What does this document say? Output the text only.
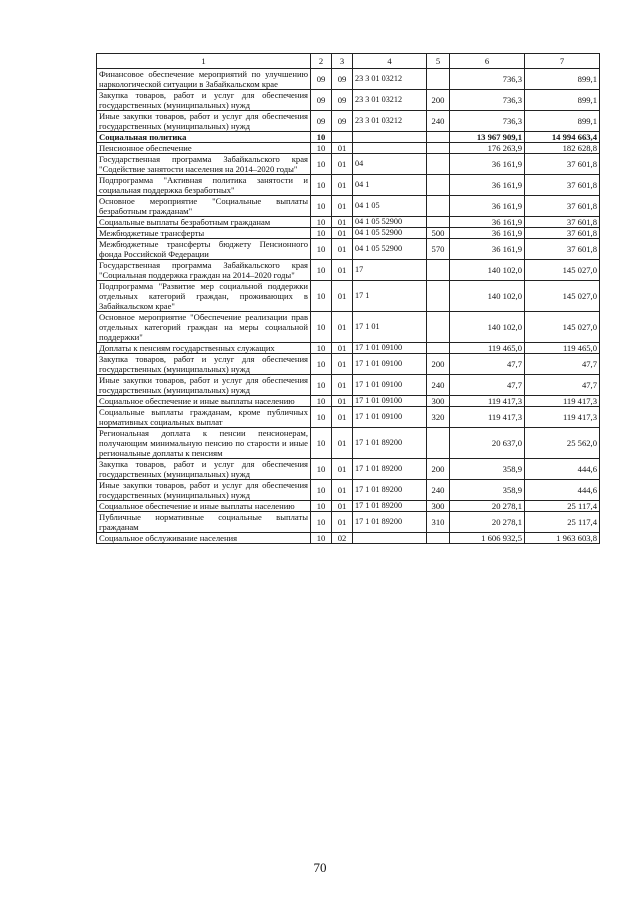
1	2	3	4	5	6	7
Финансовое обеспечение мероприятий по улучшению наркологической ситуации в Забайкальском крае	09	09	23 3 01 03212		736,3	899,1
Закупка товаров, работ и услуг для обеспечения государственных (муниципальных) нужд	09	09	23 3 01 03212	200	736,3	899,1
Иные закупки товаров, работ и услуг для обеспечения государственных (муниципальных) нужд	09	09	23 3 01 03212	240	736,3	899,1
Социальная политика	10				13 967 909,1	14 994 663,4
Пенсионное обеспечение	10	01			176 263,9	182 628,8
Государственная программа Забайкальского края "Содействие занятости населения на 2014–2020 годы"	10	01	04		36 161,9	37 601,8
Подпрограмма "Активная политика занятости и социальная поддержка безработных"	10	01	04 1		36 161,9	37 601,8
Основное мероприятие "Социальные выплаты безработным гражданам"	10	01	04 1 05		36 161,9	37 601,8
Социальные выплаты безработным гражданам	10	01	04 1 05 52900		36 161,9	37 601,8
Межбюджетные трансферты	10	01	04 1 05 52900	500	36 161,9	37 601,8
Межбюджетные трансферты бюджету Пенсионного фонда Российской Федерации	10	01	04 1 05 52900	570	36 161,9	37 601,8
Государственная программа Забайкальского края "Социальная поддержка граждан на 2014–2020 годы"	10	01	17		140 102,0	145 027,0
Подпрограмма "Развитие мер социальной поддержки отдельных категорий граждан, проживающих в Забайкальском крае"	10	01	17 1		140 102,0	145 027,0
Основное мероприятие "Обеспечение реализации прав отдельных категорий граждан на меры социальной поддержки"	10	01	17 1 01		140 102,0	145 027,0
Доплаты к пенсиям государственных служащих	10	01	17 1 01 09100		119 465,0	119 465,0
Закупка товаров, работ и услуг для обеспечения государственных (муниципальных) нужд	10	01	17 1 01 09100	200	47,7	47,7
Иные закупки товаров, работ и услуг для обеспечения государственных (муниципальных) нужд	10	01	17 1 01 09100	240	47,7	47,7
Социальное обеспечение и иные выплаты населению	10	01	17 1 01 09100	300	119 417,3	119 417,3
Социальные выплаты гражданам, кроме публичных нормативных социальных выплат	10	01	17 1 01 09100	320	119 417,3	119 417,3
Региональная доплата к пенсии пенсионерам, получающим минимальную пенсию по старости и иные региональные доплаты к пенсиям	10	01	17 1 01 89200		20 637,0	25 562,0
Закупка товаров, работ и услуг для обеспечения государственных (муниципальных) нужд	10	01	17 1 01 89200	200	358,9	444,6
Иные закупки товаров, работ и услуг для обеспечения государственных (муниципальных) нужд	10	01	17 1 01 89200	240	358,9	444,6
Социальное обеспечение и иные выплаты населению	10	01	17 1 01 89200	300	20 278,1	25 117,4
Публичные нормативные социальные выплаты гражданам	10	01	17 1 01 89200	310	20 278,1	25 117,4
Социальное обслуживание населения	10	02			1 606 932,5	1 963 603,8
70
